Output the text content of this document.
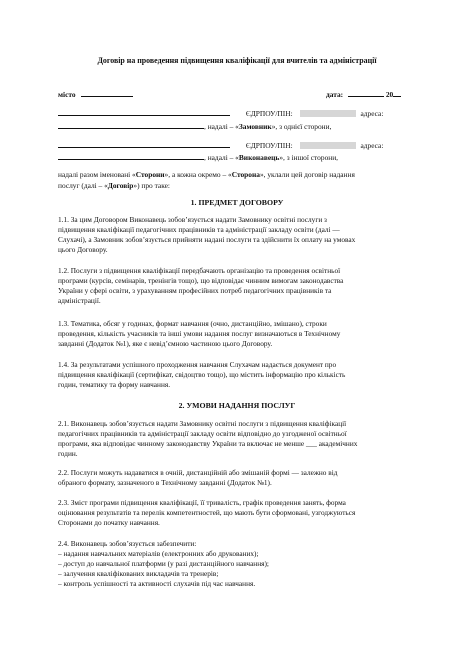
Договір на проведення підвищення кваліфікації для вчителів та адміністрації
місто	дата:	20
ЄДРПОУ/ПІН:	адреса:
, надалі – «Замовник», з однієї сторони,
ЄДРПОУ/ПІН:	адреса:
, надалі – «Виконавець», з іншої сторони,
надалі разом іменовані «Сторони», а кожна окремо – «Сторона», уклали цей договір надання
послуг (далі – «Договір») про таке:
1. ПРЕДМЕТ ДОГОВОРУ
1.1. За цим Договором Виконавець зобов’язується надати Замовнику освітні послуги з
підвищення кваліфікації педагогічних працівників та адміністрації закладу освіти (далі —
Слухачі), а Замовник зобов’язується прийняти надані послуги та здійснити їх оплату на умовах
цього Договору.
1.2. Послуги з підвищення кваліфікації передбачають організацію та проведення освітньої
програми (курсів, семінарів, тренінгів тощо), що відповідає чинним вимогам законодавства
України у сфері освіти, з урахуванням професійних потреб педагогічних працівників та
адміністрації.
1.3. Тематика, обсяг у годинах, формат навчання (очно, дистанційно, змішано), строки
проведення, кількість учасників та інші умови надання послуг визначаються в Технічному
завданні (Додаток №1), яке є невід’ємною частиною цього Договору.
1.4. За результатами успішного проходження навчання Слухачам надається документ про
підвищення кваліфікації (сертифікат, свідоцтво тощо), що містить інформацію про кількість
годин, тематику та форму навчання.
2. УМОВИ НАДАННЯ ПОСЛУГ
2.1. Виконавець зобов’язується надати Замовнику освітні послуги з підвищення кваліфікації
педагогічних працівників та адміністрації закладу освіти відповідно до узгодженої освітньої
програми, яка відповідає чинному законодавству України та включає не менше ___ академічних
годин.
2.2. Послуги можуть надаватися в очній, дистанційній або змішаній формі — залежно від
обраного формату, зазначеного в Технічному завданні (Додаток №1).
2.3. Зміст програми підвищення кваліфікації, її тривалість, графік проведення занять, форма
оцінювання результатів та перелік компетентностей, що мають бути сформовані, узгоджуються
Сторонами до початку навчання.
2.4. Виконавець зобов’язується забезпечити:
– надання навчальних матеріалів (електронних або друкованих);
– доступ до навчальної платформи (у разі дистанційного навчання);
– залучення кваліфікованих викладачів та тренерів;
– контроль успішності та активності слухачів під час навчання.
